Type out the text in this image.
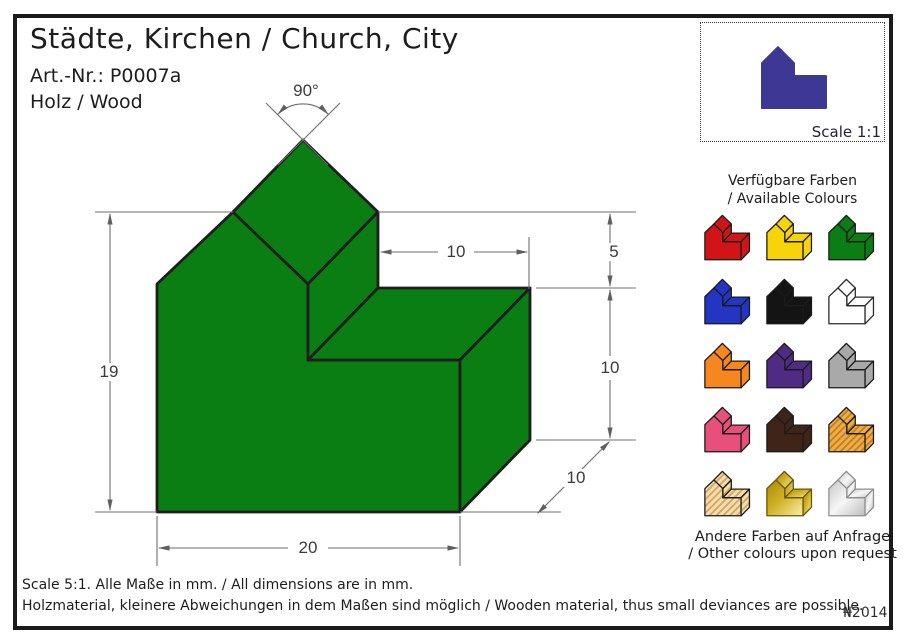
Städte, Kirchen / Church, City
Art.-Nr.: P0007a
Holz / Wood
90°
19
20
10	5
10
10
Scale 1:1
Verfügbare Farben
/ Available Colours
Andere Farben auf Anfrage
/ Other colours upon request
Scale 5:1. Alle Maße in mm. / All dimensions are in mm.
Holzmaterial, kleinere Abweichungen in dem Maßen sind möglich / Wooden material, thus small deviances are possible.
₦2014
